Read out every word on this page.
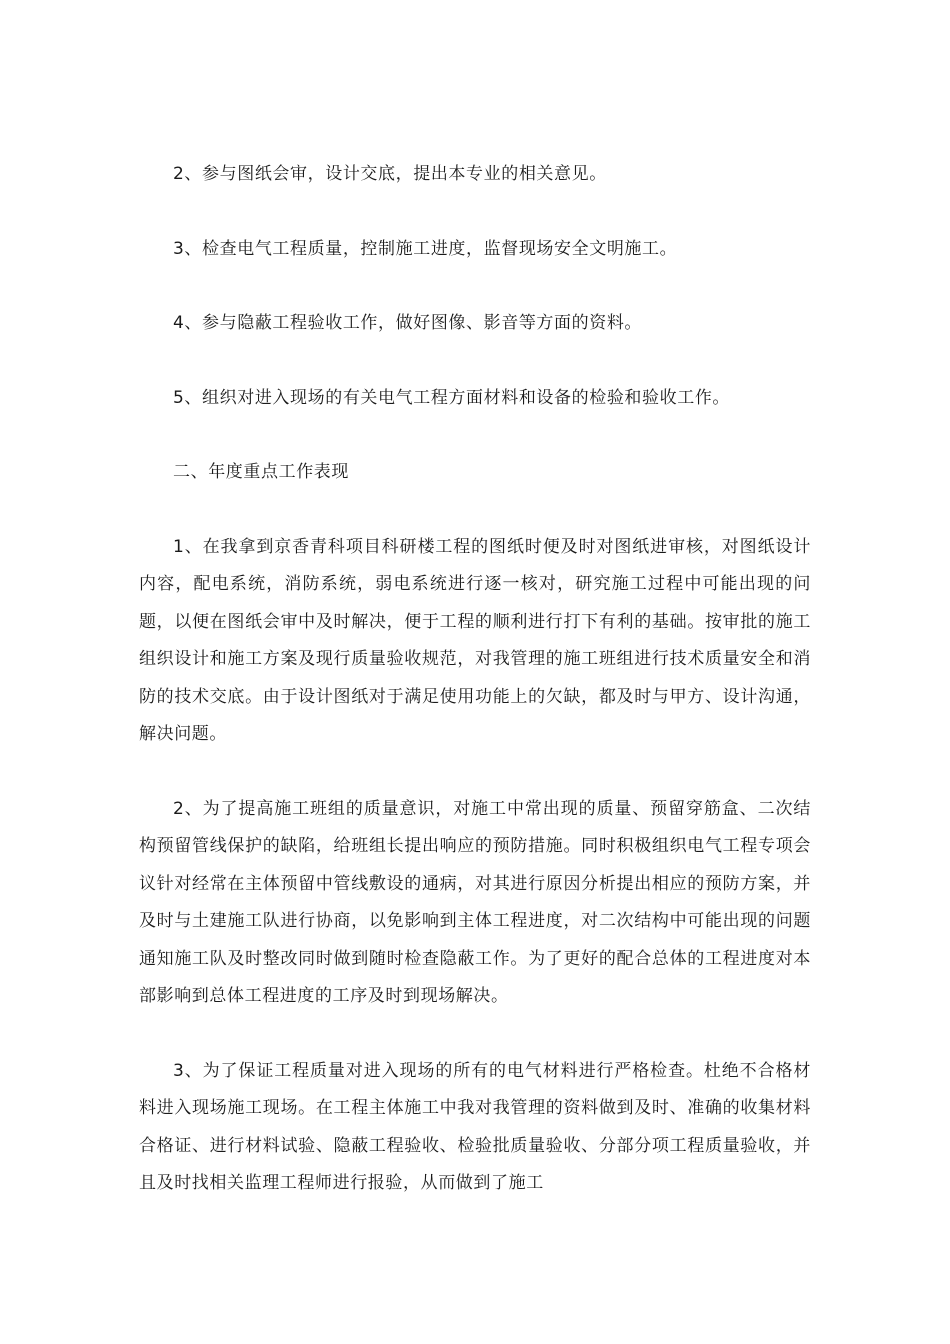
2、参与图纸会审，设计交底，提出本专业的相关意见。

3、检查电气工程质量，控制施工进度，监督现场安全文明施工。

4、参与隐蔽工程验收工作，做好图像、影音等方面的资料。

5、组织对进入现场的有关电气工程方面材料和设备的检验和验收工作。

二、年度重点工作表现

1、在我拿到京香青科项目科研楼工程的图纸时便及时对图纸进审核，对图纸设计内容，配电系统，消防系统，弱电系统进行逐一核对，研究施工过程中可能出现的问题，以便在图纸会审中及时解决，便于工程的顺利进行打下有利的基础。按审批的施工组织设计和施工方案及现行质量验收规范，对我管理的施工班组进行技术质量安全和消防的技术交底。由于设计图纸对于满足使用功能上的欠缺，都及时与甲方、设计沟通，解决问题。

2、为了提高施工班组的质量意识，对施工中常出现的质量、预留穿筋盒、二次结构预留管线保护的缺陷，给班组长提出响应的预防措施。同时积极组织电气工程专项会议针对经常在主体预留中管线敷设的通病，对其进行原因分析提出相应的预防方案，并及时与土建施工队进行协商，以免影响到主体工程进度，对二次结构中可能出现的问题通知施工队及时整改同时做到随时检查隐蔽工作。为了更好的配合总体的工程进度对本部影响到总体工程进度的工序及时到现场解决。

3、为了保证工程质量对进入现场的所有的电气材料进行严格检查。杜绝不合格材料进入现场施工现场。在工程主体施工中我对我管理的资料做到及时、准确的收集材料合格证、进行材料试验、隐蔽工程验收、检验批质量验收、分部分项工程质量验收，并且及时找相关监理工程师进行报验，从而做到了施工
